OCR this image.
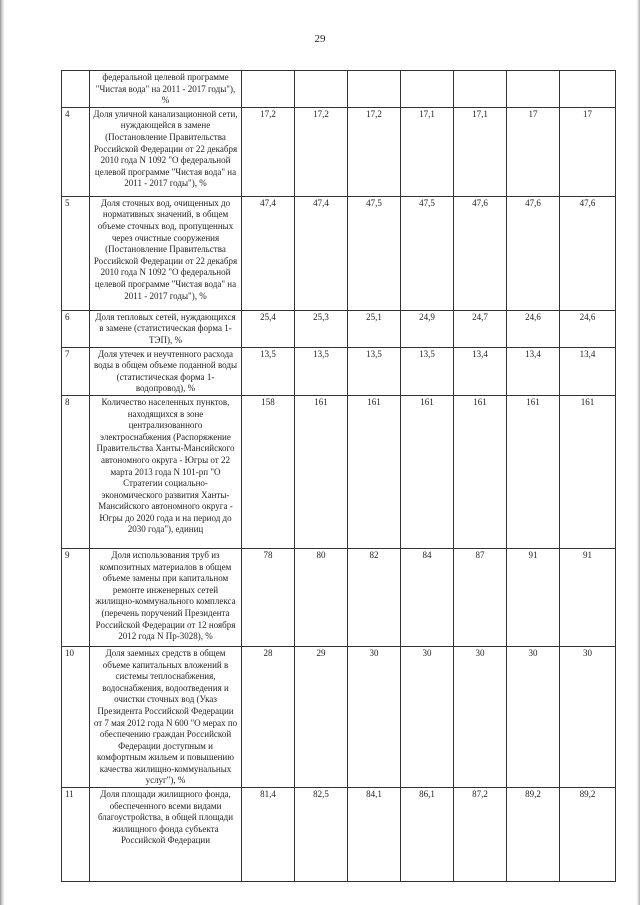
29
	федеральной целевой программе "Чистая вода" на 2011 - 2017 годы"), %							
4	Доля уличной канализационной сети, нуждающейся в замене (Постановление Правительства Российской Федерации от 22 декабря 2010 года N 1092 "О федеральной целевой программе "Чистая вода" на 2011 - 2017 годы"), %	17,2	17,2	17,2	17,1	17,1	17	17
5	Доля сточных вод, очищенных до нормативных значений, в общем объеме сточных вод, пропущенных через очистные сооружения (Постановление Правительства Российской Федерации от 22 декабря 2010 года N 1092 "О федеральной целевой программе "Чистая вода" на 2011 - 2017 годы"), %	47,4	47,4	47,5	47,5	47,6	47,6	47,6
6	Доля тепловых сетей, нуждающихся в замене (статистическая форма 1-ТЭП), %	25,4	25,3	25,1	24,9	24,7	24,6	24,6
7	Доля утечек и неучтенного расхода воды в общем объеме поданной воды (статистическая форма 1-водопровод), %	13,5	13,5	13,5	13,5	13,4	13,4	13,4
8	Количество населенных пунктов, находящихся в зоне централизованного электроснабжения (Распоряжение Правительства Ханты-Мансийского автономного округа - Югры от 22 марта 2013 года N 101-рп "О Стратегии социально-экономического развития Ханты-Мансийского автономного округа - Югры до 2020 года и на период до 2030 года"), единиц	158	161	161	161	161	161	161
9	Доля использования труб из композитных материалов в общем объеме замены при капитальном ремонте инженерных сетей жилищно-коммунального комплекса (перечень поручений Президента Российской Федерации от 12 ноября 2012 года N Пр-3028), %	78	80	82	84	87	91	91
10	Доля заемных средств в общем объеме капитальных вложений в системы теплоснабжения, водоснабжения, водоотведения и очистки сточных вод (Указ Президента Российской Федерации от 7 мая 2012 года N 600 "О мерах по обеспечению граждан Российской Федерации доступным и комфортным жильем и повышению качества жилищно-коммунальных услуг"), %	28	29	30	30	30	30	30
11	Доля площади жилищного фонда, обеспеченного всеми видами благоустройства, в общей площади жилищного фонда субъекта Российской Федерации	81,4	82,5	84,1	86,1	87,2	89,2	89,2
